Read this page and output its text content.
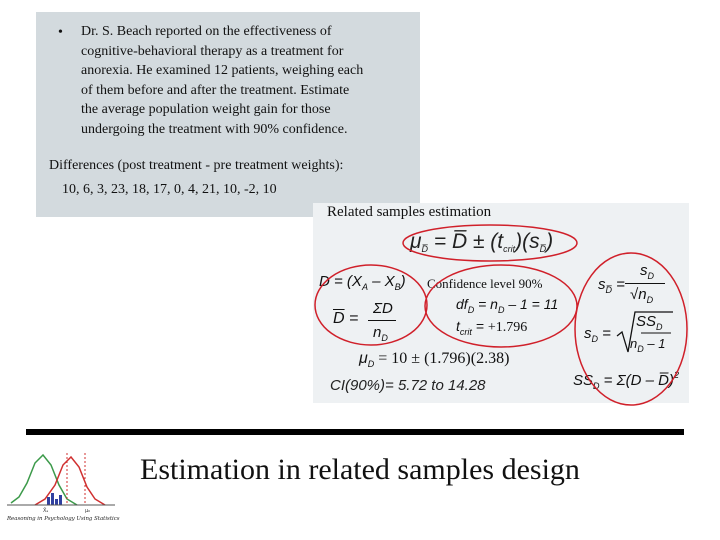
• Dr. S. Beach reported on the effectiveness of
cognitive-behavioral therapy as a treatment for
anorexia. He examined 12 patients, weighing each
of them before and after the treatment. Estimate
the average population weight gain for those
undergoing the treatment with 90% confidence.
Differences (post treatment - pre treatment weights):
10, 6, 3, 23, 18, 17, 0, 4, 21, 10, -2, 10
Related samples estimation
μD̅ = D̅ ± (tcrit)(sD̅)
$D = (X_A - X_B)$
$\overline{D}$ =
ΣD
$n_D$
Confidence level 90%
$df_D = n_D - 1 = 11$
$t_{crit} = +1.796$
$\mu_D = 10 \pm (1.796)(2.38)$
CI(90%)= 5.72 to 14.28
$s_{D̅}$ =
$s_D$
$√n_D$
$s_D$ =
$SS_D$
$n_D - 1$
$SS_D = \Sigma(D$ – D̅)$^2$
X̄ₐ	μ₀
Reasoning in Psychology Using Statistics
Estimation in related samples design
